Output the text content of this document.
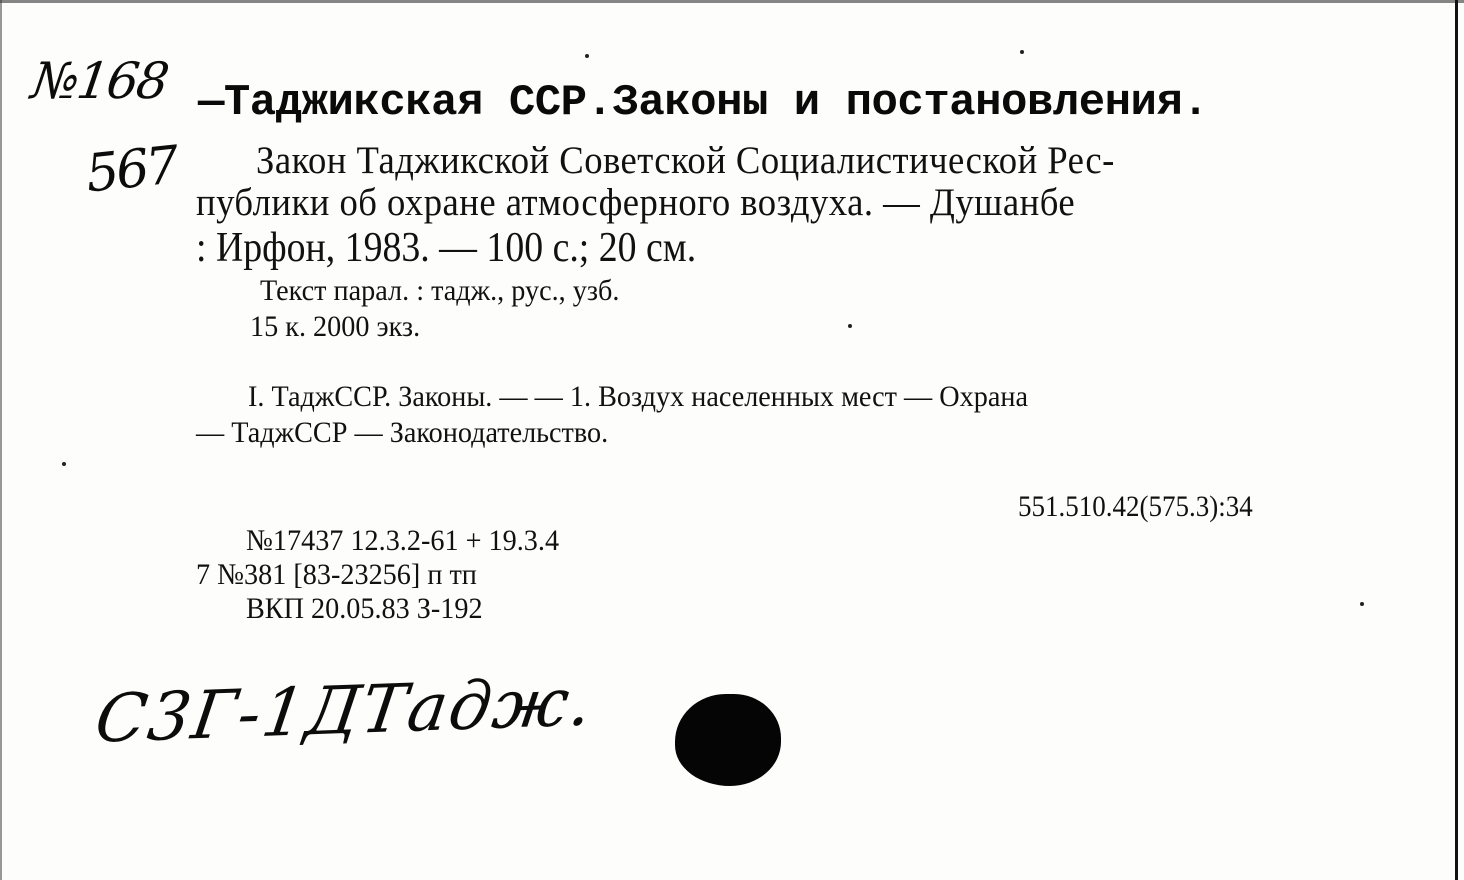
№168
567
—Таджикская ССР.Законы и постановления.
Закон Таджикской Советской Социалистической Рес-
публики об охране атмосферного воздуха. — Душанбе
: Ирфон, 1983. — 100 с.; 20 см.
Текст парал. : тадж., рус., узб.
15 к. 2000 экз.
I. ТаджССР. Законы. — — 1. Воздух населенных мест — Охрана
— ТаджССР — Законодательство.
551.510.42(575.3):34
№17437 12.3.2-61 + 19.3.4
7 №381 [83-23256] п тп
ВКП 20.05.83 З-192
С3Г-1ДТадж.
